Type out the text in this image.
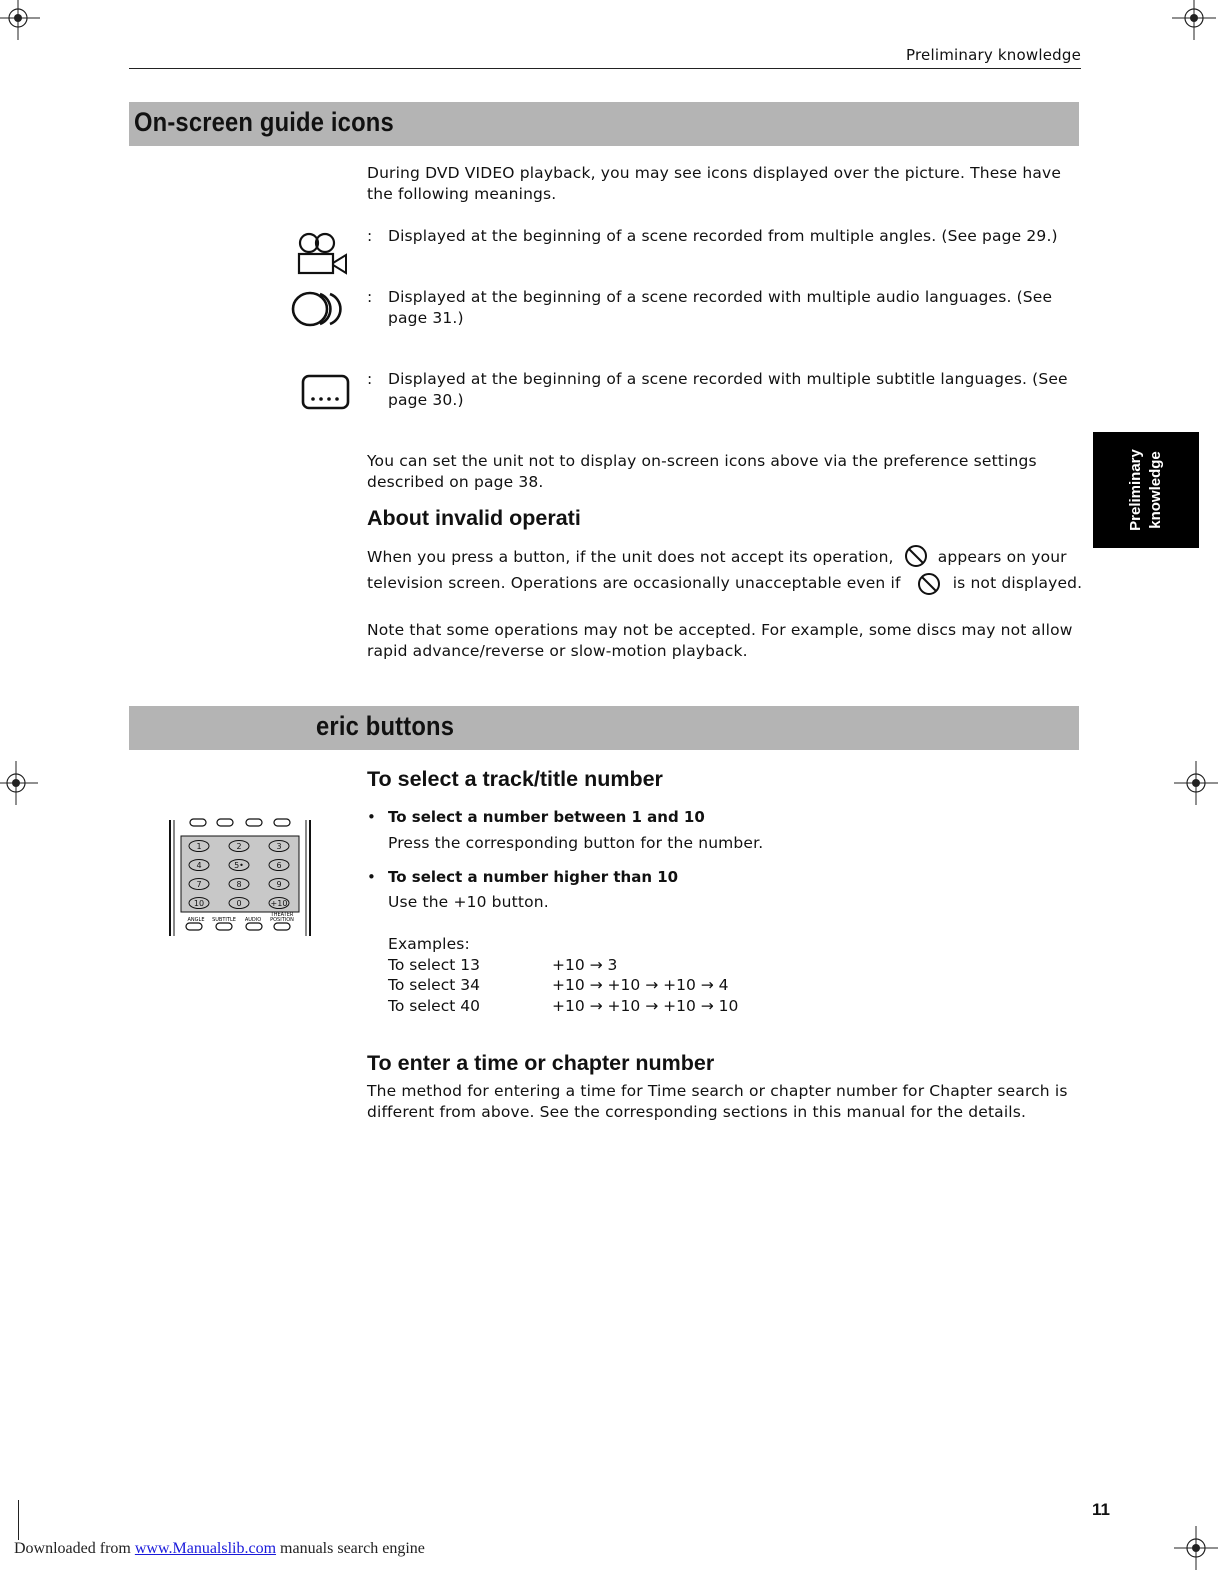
Preliminary knowledge
Preliminary knowledge
On-screen guide icons
During DVD VIDEO playback, you may see icons displayed over the picture. These have the following meanings.
: Displayed at the beginning of a scene recorded from multiple angles. (See page 29.)
: Displayed at the beginning of a scene recorded with multiple audio languages. (See page 31.)
: Displayed at the beginning of a scene recorded with multiple subtitle languages. (See page 30.)
You can set the unit not to display on-screen icons above via the preference settings described on page 38.
About invalid operati
When you press a button, if the unit does not accept its operation,	appears on your
television screen. Operations are occasionally unacceptable even if	is not displayed.
Note that some operations may not be accepted. For example, some discs may not allow rapid advance/reverse or slow-motion playback.
eric buttons
To select a track/title number
1	2	3
4	5•	6
7	8	9
10	0	+10
ANGLE SUBTITLE AUDIO
THEATER
POSITION
• To select a number between 1 and 10
Press the corresponding button for the number.
• To select a number higher than 10
Use the +10 button.
Examples:
To select 13	+10 → 3
To select 34	+10 → +10 → +10 → 4
To select 40	+10 → +10 → +10 → 10
To enter a time or chapter number
The method for entering a time for Time search or chapter number for Chapter search is different from above. See the corresponding sections in this manual for the details.
11
Downloaded from www.Manualslib.com manuals search engine
